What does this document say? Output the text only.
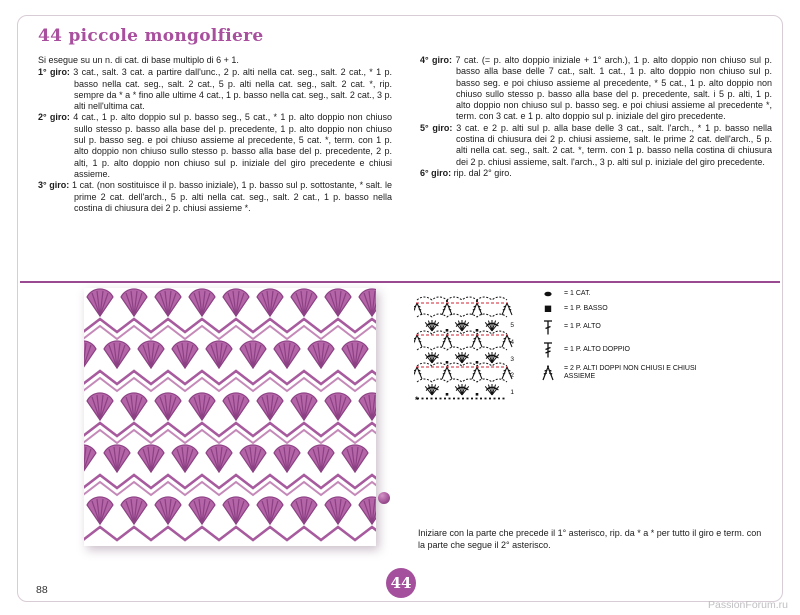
44 piccole mongolfiere

Si esegue su un n. di cat. di base multiplo di 6 + 1.

1° giro: 3 cat., salt. 3 cat. a partire dall'unc., 2 p. alti nella cat. seg., salt. 2 cat., * 1 p. basso nella cat. seg., salt. 2 cat., 5 p. alti nella cat. seg., salt. 2 cat. *, rip. sempre da * a * fino alle ultime 4 cat., 1 p. basso nella cat. seg., salt. 2 cat., 3 p. alti nell'ultima cat.

2° giro: 4 cat., 1 p. alto doppio sul p. basso seg., 5 cat., * 1 p. alto doppio non chiuso sullo stesso p. basso alla base del p. precedente, 1 p. alto doppio non chiuso sul p. basso seg. e poi chiuso assieme al precedente, 5 cat. *, term. con 1 p. alto doppio non chiuso sullo stesso p. basso alla base del p. precedente, 2 p. alti, 1 p. alto doppio non chiuso sul p. iniziale del giro precedente e chiusi assieme.

3° giro: 1 cat. (non sostituisce il p. basso iniziale), 1 p. basso sul p. sottostante, * salt. le prime 2 cat. dell'arch., 5 p. alti nella cat. seg., salt. 2 cat., 1 p. basso nella costina di chiusura dei 2 p. chiusi assieme *.

4° giro: 7 cat. (= p. alto doppio iniziale + 1° arch.), 1 p. alto doppio non chiuso sul p. basso alla base delle 7 cat., salt. 1 cat., 1 p. alto doppio non chiuso sul p. basso seg. e poi chiuso assieme al precedente, * 5 cat., 1 p. alto doppio non chiuso sullo stesso p. basso alla base del p. precedente, salt. i 5 p. alti, 1 p. alto doppio non chiuso sul p. basso seg. e poi chiusi assieme al precedente *, term. con 3 cat. e 1 p. alto doppio sul p. iniziale del giro precedente.

5° giro: 3 cat. e 2 p. alti sul p. alla base delle 3 cat., salt. l'arch., * 1 p. basso nella costina di chiusura dei 2 p. chiusi assieme, salt. le prime 2 cat. dell'arch., 5 p. alti nella cat. seg., salt. 2 cat. *, term. con 1 p. basso nella costina di chiusura dei 2 p. chiusi assieme, salt. l'arch., 3 p. alti sul p. iniziale del giro precedente.

6° giro: rip. dal 2° giro.

5
4
3
2
1
*
= 1 CAT.
= 1 P. BASSO
= 1 P. ALTO
= 1 P. ALTO DOPPIO
= 2 P. ALTI DOPPI NON CHIUSI E CHIUSI ASSIEME
Iniziare con la parte che precede il 1° asterisco, rip. da * a * per tutto il giro e term. con la parte che segue il 2° asterisco.
88	44
PassionForum.ru
